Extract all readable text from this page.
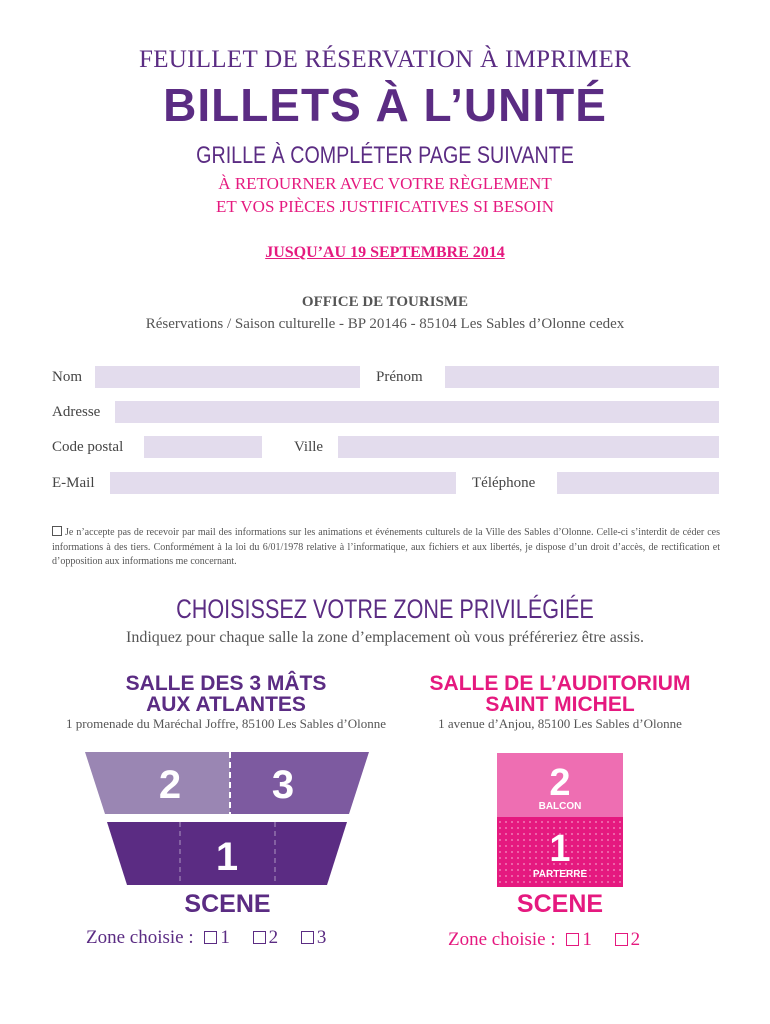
FEUILLET DE RÉSERVATION À IMPRIMER
BILLETS À L’UNITÉ
GRILLE À COMPLÉTER PAGE SUIVANTE
À RETOURNER AVEC VOTRE RÈGLEMENT
ET VOS PIÈCES JUSTIFICATIVES SI BESOIN
JUSQU’AU 19 SEPTEMBRE 2014
OFFICE DE TOURISME
Réservations / Saison culturelle - BP 20146 - 85104 Les Sables d’Olonne cedex
Nom	Prénom
Adresse
Code postal	Ville
E-Mail	Téléphone
Je n’accepte pas de recevoir par mail des informations sur les animations et événements culturels de la Ville des Sables d’Olonne. Celle-ci s’interdit de céder ces informations à des tiers. Conformément à la loi du 6/01/1978 relative à l’informatique, aux fichiers et aux libertés, je dispose d’un droit d’accès, de rectification et d’opposition aux informations me concernant.
CHOISISSEZ VOTRE ZONE PRIVILÉGIÉE
Indiquez pour chaque salle la zone d’emplacement où vous préféreriez être assis.
SALLE DES 3 MÂTS
AUX ATLANTES
1 promenade du Maréchal Joffre, 85100 Les Sables d’Olonne
2 3
1
SCENE
Zone choisie : 1 2 3
SALLE DE L’AUDITORIUM
SAINT MICHEL
1 avenue d’Anjou, 85100 Les Sables d’Olonne
2
BALCON
1
PARTERRE
SCENE
Zone choisie : 1 2
